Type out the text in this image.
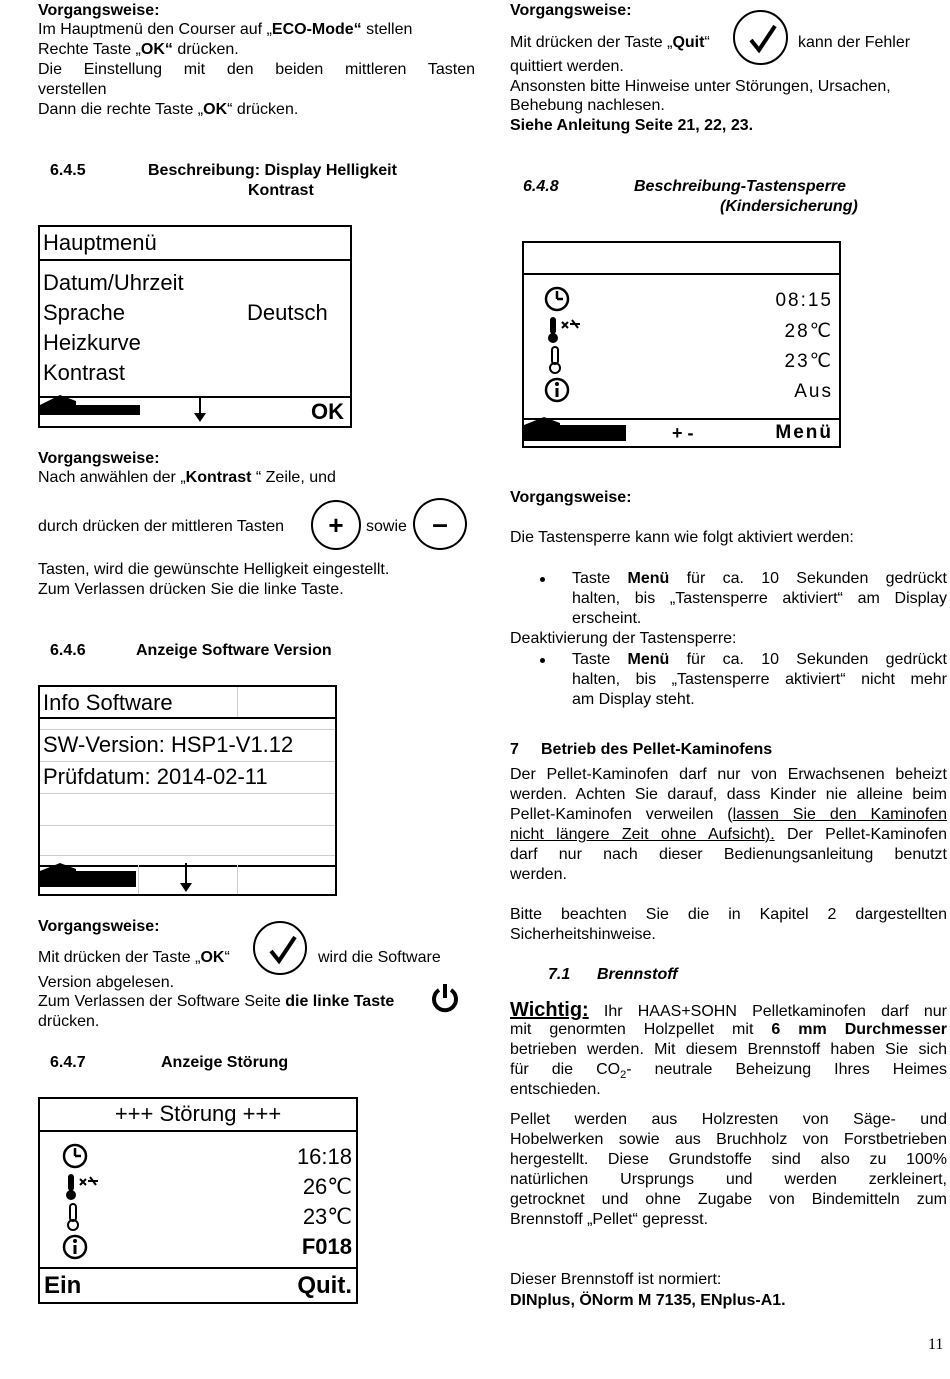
Vorgangsweise:
Im Hauptmenü den Courser auf „ECO-Mode“ stellen
Rechte Taste „OK“ drücken.
Die Einstellung mit den beiden mittleren Tasten
verstellen
Dann die rechte Taste „OK“ drücken.
6.4.5	Beschreibung: Display Helligkeit
Kontrast
Hauptmenü
Datum/Uhrzeit
Sprache	Deutsch
Heizkurve
Kontrast
OK
Vorgangsweise:
Nach anwählen der „Kontrast “ Zeile, und
durch drücken der mittleren Tasten	+	sowie –
Tasten, wird die gewünschte Helligkeit eingestellt.
Zum Verlassen drücken Sie die linke Taste.
6.4.6	Anzeige Software Version
Info Software
SW-Version: HSP1-V1.12
Prüfdatum: 2014-02-11
Vorgangsweise:
Mit drücken der Taste „OK“	wird die Software
Version abgelesen.
Zum Verlassen der Software Seite die linke Taste
drücken.
6.4.7	Anzeige Störung
+++ Störung +++
16:18
26℃
23℃
F018
Ein	Quit.
Vorgangsweise:
Mit drücken der Taste „Quit“	kann der Fehler
quittiert werden.
Ansonsten bitte Hinweise unter Störungen, Ursachen,
Behebung nachlesen.
Siehe Anleitung Seite 21, 22, 23.
6.4.8	Beschreibung-Tastensperre
(Kindersicherung)
08:15
28℃
23℃
Aus
+ -	Menü
Vorgangsweise:
Die Tastensperre kann wie folgt aktiviert werden:
Taste Menü für ca. 10 Sekunden gedrückt
halten, bis „Tastensperre aktiviert“ am Display
erscheint.
Deaktivierung der Tastensperre:
Taste Menü für ca. 10 Sekunden gedrückt
halten, bis „Tastensperre aktiviert“ nicht mehr
am Display steht.
7 Betrieb des Pellet-Kaminofens
Der Pellet-Kaminofen darf nur von Erwachsenen beheizt
werden. Achten Sie darauf, dass Kinder nie alleine beim
Pellet-Kaminofen verweilen (lassen Sie den Kaminofen
nicht längere Zeit ohne Aufsicht). Der Pellet-Kaminofen
darf nur nach dieser Bedienungsanleitung benutzt
werden.
Bitte beachten Sie die in Kapitel 2 dargestellten
Sicherheitshinweise.
7.1 Brennstoff
Wichtig: Ihr HAAS+SOHN Pelletkaminofen darf nur
mit genormten Holzpellet mit 6 mm Durchmesser
betrieben werden. Mit diesem Brennstoff haben Sie sich
für die $CO_2-$ neutrale Beheizung Ihres Heimes
entschieden.
Pellet werden aus Holzresten von Säge- und
Hobelwerken sowie aus Bruchholz von Forstbetrieben
hergestellt. Diese Grundstoffe sind also zu 100%
natürlichen Ursprungs und werden zerkleinert,
getrocknet und ohne Zugabe von Bindemitteln zum
Brennstoff „Pellet“ gepresst.
Dieser Brennstoff ist normiert:
DINplus, ÖNorm M 7135, ENplus-A1.
11
